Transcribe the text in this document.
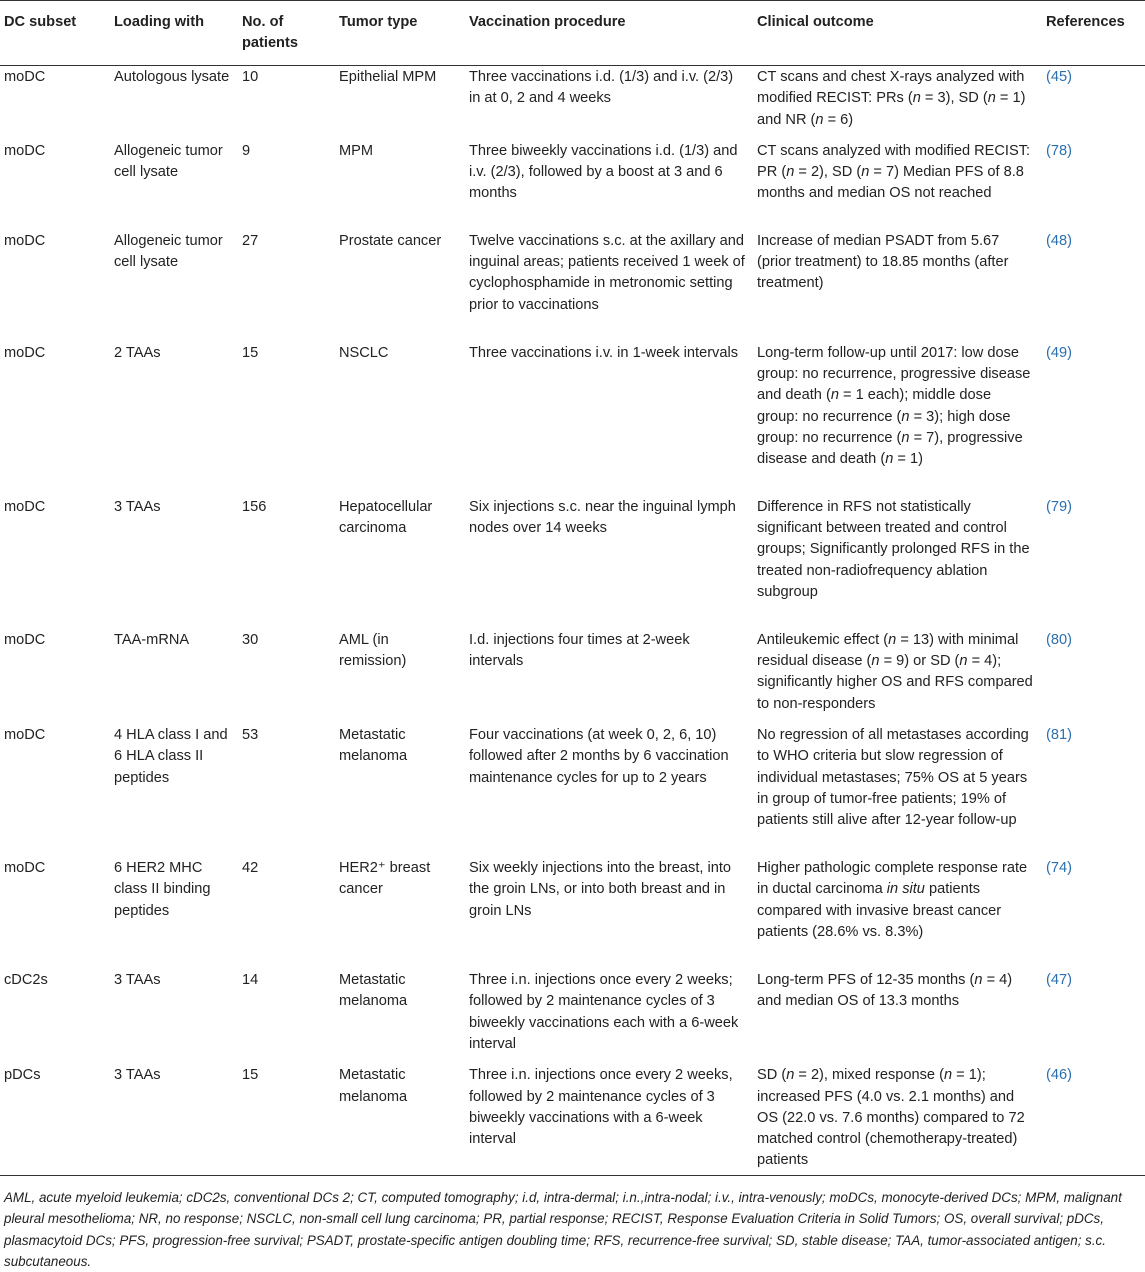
DC subset	Loading with	No. of patients	Tumor type	Vaccination procedure	Clinical outcome	References
moDC	Autologous lysate	10	Epithelial MPM	Three vaccinations i.d. (1/3) and i.v. (2/3) in at 0, 2 and 4 weeks	CT scans and chest X-rays analyzed with modified RECIST: PRs (n = 3), SD (n = 1) and NR (n = 6)	(45)
moDC	Allogeneic tumor cell lysate	9	MPM	Three biweekly vaccinations i.d. (1/3) and i.v. (2/3), followed by a boost at 3 and 6 months	CT scans analyzed with modified RECIST: PR (n = 2), SD (n = 7) Median PFS of 8.8 months and median OS not reached	(78)
moDC	Allogeneic tumor cell lysate	27	Prostate cancer	Twelve vaccinations s.c. at the axillary and inguinal areas; patients received 1 week of cyclophosphamide in metronomic setting prior to vaccinations	Increase of median PSADT from 5.67 (prior treatment) to 18.85 months (after treatment)	(48)
moDC	2 TAAs	15	NSCLC	Three vaccinations i.v. in 1-week intervals	Long-term follow-up until 2017: low dose group: no recurrence, progressive disease and death (n = 1 each); middle dose group: no recurrence (n = 3); high dose group: no recurrence (n = 7), progressive disease and death (n = 1)	(49)
moDC	3 TAAs	156	Hepatocellular carcinoma	Six injections s.c. near the inguinal lymph nodes over 14 weeks	Difference in RFS not statistically significant between treated and control groups; Significantly prolonged RFS in the treated non-radiofrequency ablation subgroup	(79)
moDC	TAA-mRNA	30	AML (in remission)	I.d. injections four times at 2-week intervals	Antileukemic effect (n = 13) with minimal residual disease (n = 9) or SD (n = 4); significantly higher OS and RFS compared to non-responders	(80)
moDC	4 HLA class I and 6 HLA class II peptides	53	Metastatic melanoma	Four vaccinations (at week 0, 2, 6, 10) followed after 2 months by 6 vaccination maintenance cycles for up to 2 years	No regression of all metastases according to WHO criteria but slow regression of individual metastases; 75% OS at 5 years in group of tumor-free patients; 19% of patients still alive after 12-year follow-up	(81)
moDC	6 HER2 MHC class II binding peptides	42	HER2⁺ breast cancer	Six weekly injections into the breast, into the groin LNs, or into both breast and in groin LNs	Higher pathologic complete response rate in ductal carcinoma in situ patients compared with invasive breast cancer patients (28.6% vs. 8.3%)	(74)
cDC2s	3 TAAs	14	Metastatic melanoma	Three i.n. injections once every 2 weeks; followed by 2 maintenance cycles of 3 biweekly vaccinations each with a 6-week interval	Long-term PFS of 12-35 months (n = 4) and median OS of 13.3 months	(47)
pDCs	3 TAAs	15	Metastatic melanoma	Three i.n. injections once every 2 weeks, followed by 2 maintenance cycles of 3 biweekly vaccinations with a 6-week interval	SD (n = 2), mixed response (n = 1); increased PFS (4.0 vs. 2.1 months) and OS (22.0 vs. 7.6 months) compared to 72 matched control (chemotherapy-treated) patients	(46)
AML, acute myeloid leukemia; cDC2s, conventional DCs 2; CT, computed tomography; i.d, intra-dermal; i.n.,intra-nodal; i.v., intra-venously; moDCs, monocyte-derived DCs; MPM, malignant pleural mesothelioma; NR, no response; NSCLC, non-small cell lung carcinoma; PR, partial response; RECIST, Response Evaluation Criteria in Solid Tumors; OS, overall survival; pDCs, plasmacytoid DCs; PFS, progression-free survival; PSADT, prostate-specific antigen doubling time; RFS, recurrence-free survival; SD, stable disease; TAA, tumor-associated antigen; s.c. subcutaneous.
